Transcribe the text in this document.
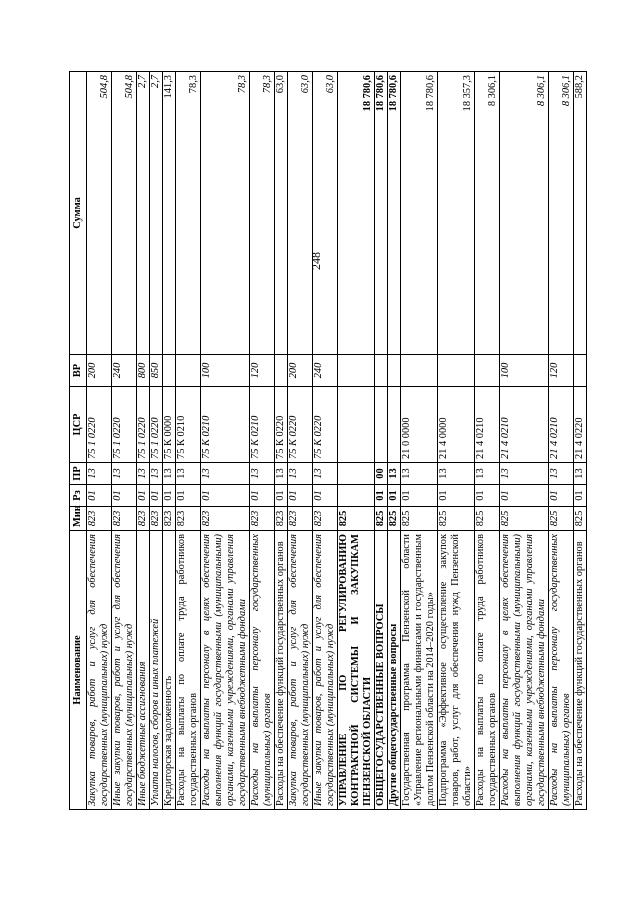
248
Наименование	Мин	Рз	ПР	ЦСР	ВР	Сумма
Закупка товаров, работ и услуг для обеспечения государственных (муниципальных) нужд	823	01	13	75 1 0220	200	504,8
Иные закупки товаров, работ и услуг для обеспечения государственных (муниципальных) нужд	823	01	13	75 1 0220	240	504,8
Иные бюджетные ассигнования	823	01	13	75 1 0220	800	2,7
Уплата налогов, сборов и иных платежей	823	01	13	75 1 0220	850	2,7
Кредиторская задолженность	823	01	13	75 К 0000		141,3
Расходы на выплаты по оплате труда работников государственных органов	823	01	13	75 К 0210		78,3
Расходы на выплаты персоналу в целях обеспечения выполнения функций государственными (муниципальными) органами, казенными учреждениями, органами управления государственными внебюджетными фондами	823	01	13	75 К 0210	100	78,3
Расходы на выплаты персоналу государственных (муниципальных) органов	823	01	13	75 К 0210	120	78,3
Расходы на обеспечение функций государственных органов	823	01	13	75 К 0220		63,0
Закупка товаров, работ и услуг для обеспечения государственных (муниципальных) нужд	823	01	13	75 К 0220	200	63,0
Иные закупки товаров, работ и услуг для обеспечения государственных (муниципальных) нужд	823	01	13	75 К 0220	240	63,0
УПРАВЛЕНИЕ ПО РЕГУЛИРОВАНИЮ КОНТРАКТНОЙ СИСТЕМЫ И ЗАКУПКАМ ПЕНЗЕНСКОЙ ОБЛАСТИ	825					18 780,6
ОБЩЕГОСУДАРСТВЕННЫЕ ВОПРОСЫ	825	01	00			18 780,6
Другие общегосударственные вопросы	825	01	13			18 780,6
Государственная программа Пензенской области «Управление региональными финансами и государственным долгом Пензенской области на 2014–2020 годы»	825	01	13	21 0 0000		18 780,6
Подпрограмма «Эффективное осуществление закупок товаров, работ, услуг для обеспечения нужд Пензенской области»	825	01	13	21 4 0000		18 357,3
Расходы на выплаты по оплате труда работников государственных органов	825	01	13	21 4 0210		8 306,1
Расходы на выплаты персоналу в целях обеспечения выполнения функций государственными (муниципальными) органами, казенными учреждениями, органами управления государственными внебюджетными фондами	825	01	13	21 4 0210	100	8 306,1
Расходы на выплаты персоналу государственных (муниципальных) органов	825	01	13	21 4 0210	120	8 306,1
Расходы на обеспечение функций государственных органов	825	01	13	21 4 0220		588,2
